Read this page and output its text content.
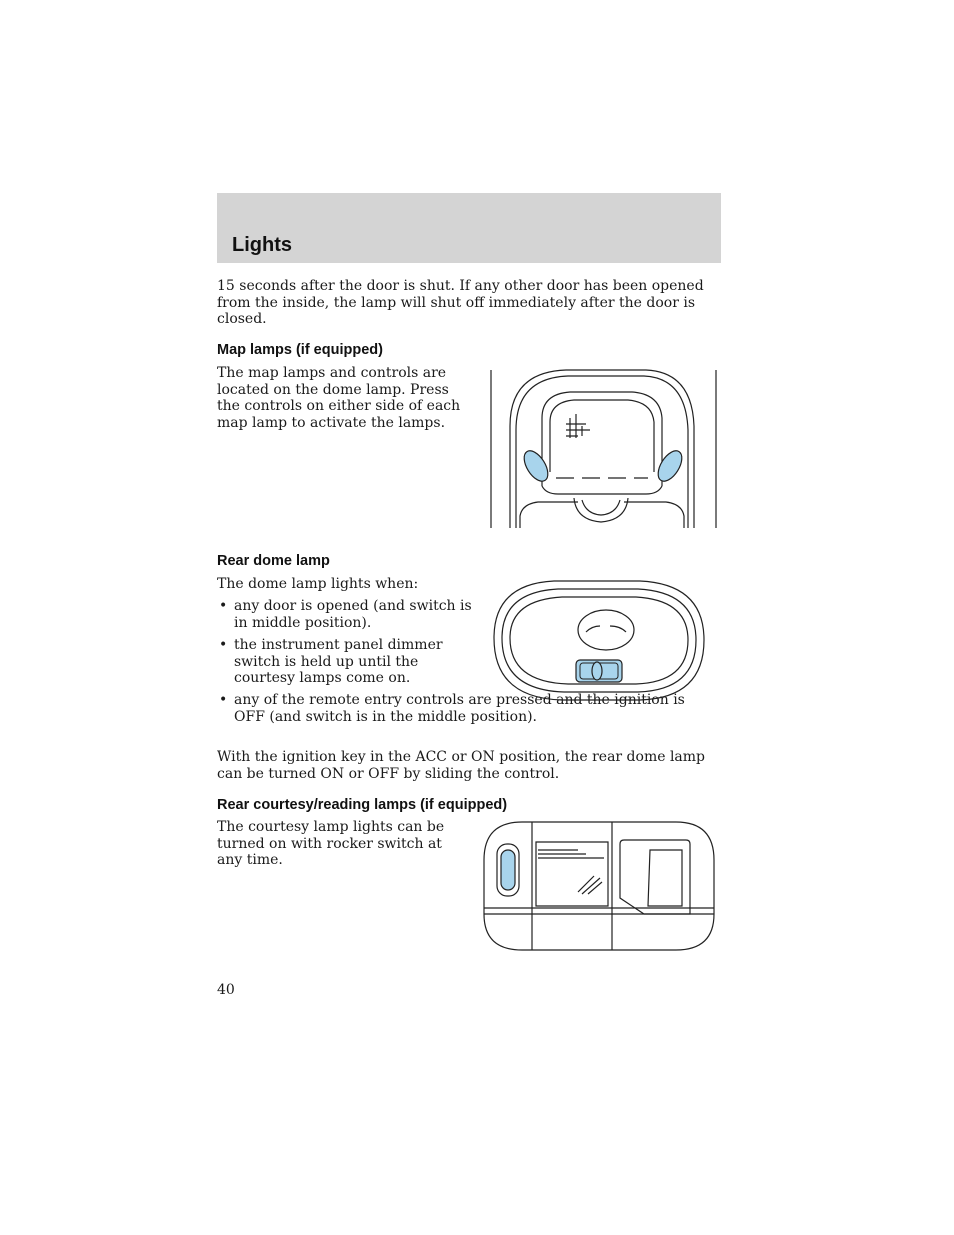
Lights

15 seconds after the door is shut. If any other door has been opened from the inside, the lamp will shut off immediately after the door is closed.

Map lamps (if equipped)

The map lamps and controls are located on the dome lamp. Press the controls on either side of each map lamp to activate the lamps.

Rear dome lamp

The dome lamp lights when:

• any door is opened (and switch is in middle position).
• the instrument panel dimmer switch is held up until the courtesy lamps come on.
• any of the remote entry controls are pressed and the ignition is OFF (and switch is in the middle position).

With the ignition key in the ACC or ON position, the rear dome lamp can be turned ON or OFF by sliding the control.

Rear courtesy/reading lamps (if equipped)

The courtesy lamp lights can be turned on with rocker switch at any time.

40
